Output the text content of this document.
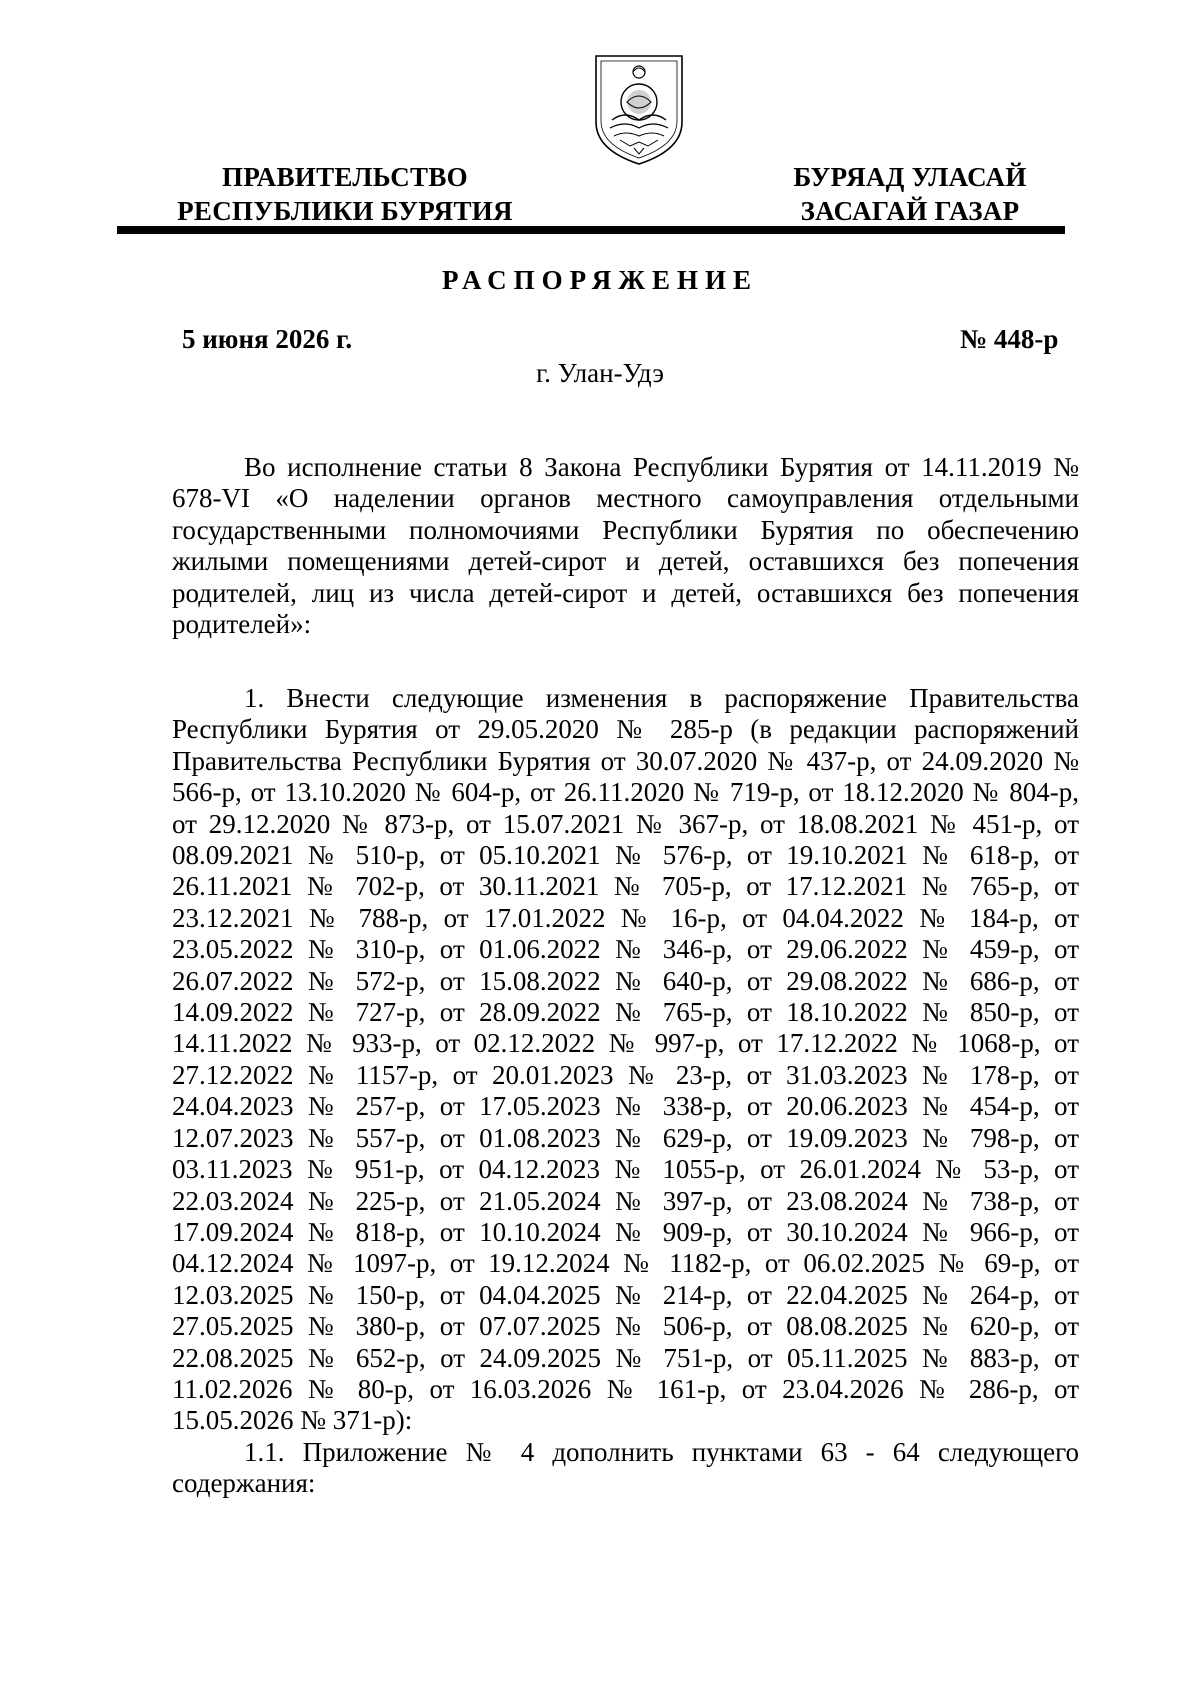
ПРАВИТЕЛЬСТВО
РЕСПУБЛИКИ БУРЯТИЯ
БУРЯАД УЛАСАЙ
ЗАСАГАЙ ГАЗАР
РАСПОРЯЖЕНИЕ
5 июня 2026 г.	№ 448-р
г. Улан-Удэ

Во исполнение статьи 8 Закона Республики Бурятия от 14.11.2019 № 678-VI «О наделении органов местного самоуправления отдельными государственными полномочиями Республики Бурятия по обеспечению жилыми помещениями детей-сирот и детей, оставшихся без попечения родителей, лиц из числа детей-сирот и детей, оставшихся без попечения родителей»:

1. Внести следующие изменения в распоряжение Правительства Республики Бурятия от 29.05.2020 № 285-р (в редакции распоряжений Правительства Республики Бурятия от 30.07.2020 № 437-р, от 24.09.2020 № 566-р, от 13.10.2020 № 604-р, от 26.11.2020 № 719-р, от 18.12.2020 № 804-р, от 29.12.2020 № 873-р, от 15.07.2021 № 367-р, от 18.08.2021 № 451-р, от 08.09.2021 № 510-р, от 05.10.2021 № 576-р, от 19.10.2021 № 618-р, от 26.11.2021 № 702-р, от 30.11.2021 № 705-р, от 17.12.2021 № 765-р, от 23.12.2021 № 788-р, от 17.01.2022 № 16-р, от 04.04.2022 № 184-р, от 23.05.2022 № 310-р, от 01.06.2022 № 346-р, от 29.06.2022 № 459-р, от 26.07.2022 № 572-р, от 15.08.2022 № 640-р, от 29.08.2022 № 686-р, от 14.09.2022 № 727-р, от 28.09.2022 № 765-р, от 18.10.2022 № 850-р, от 14.11.2022 № 933-р, от 02.12.2022 № 997-р, от 17.12.2022 № 1068-р, от 27.12.2022 № 1157-р, от 20.01.2023 № 23-р, от 31.03.2023 № 178-р, от 24.04.2023 № 257-р, от 17.05.2023 № 338-р, от 20.06.2023 № 454-р, от 12.07.2023 № 557-р, от 01.08.2023 № 629-р, от 19.09.2023 № 798-р, от 03.11.2023 № 951-р, от 04.12.2023 № 1055-р, от 26.01.2024 № 53-р, от 22.03.2024 № 225-р, от 21.05.2024 № 397-р, от 23.08.2024 № 738-р, от 17.09.2024 № 818-р, от 10.10.2024 № 909-р, от 30.10.2024 № 966-р, от 04.12.2024 № 1097-р, от 19.12.2024 № 1182-р, от 06.02.2025 № 69-р, от 12.03.2025 № 150-р, от 04.04.2025 № 214-р, от 22.04.2025 № 264-р, от 27.05.2025 № 380-р, от 07.07.2025 № 506-р, от 08.08.2025 № 620-р, от 22.08.2025 № 652-р, от 24.09.2025 № 751-р, от 05.11.2025 № 883-р, от 11.02.2026 № 80-р, от 16.03.2026 № 161-р, от 23.04.2026 № 286-р, от 15.05.2026 № 371-р):

1.1. Приложение № 4 дополнить пунктами 63 - 64 следующего содержания:
